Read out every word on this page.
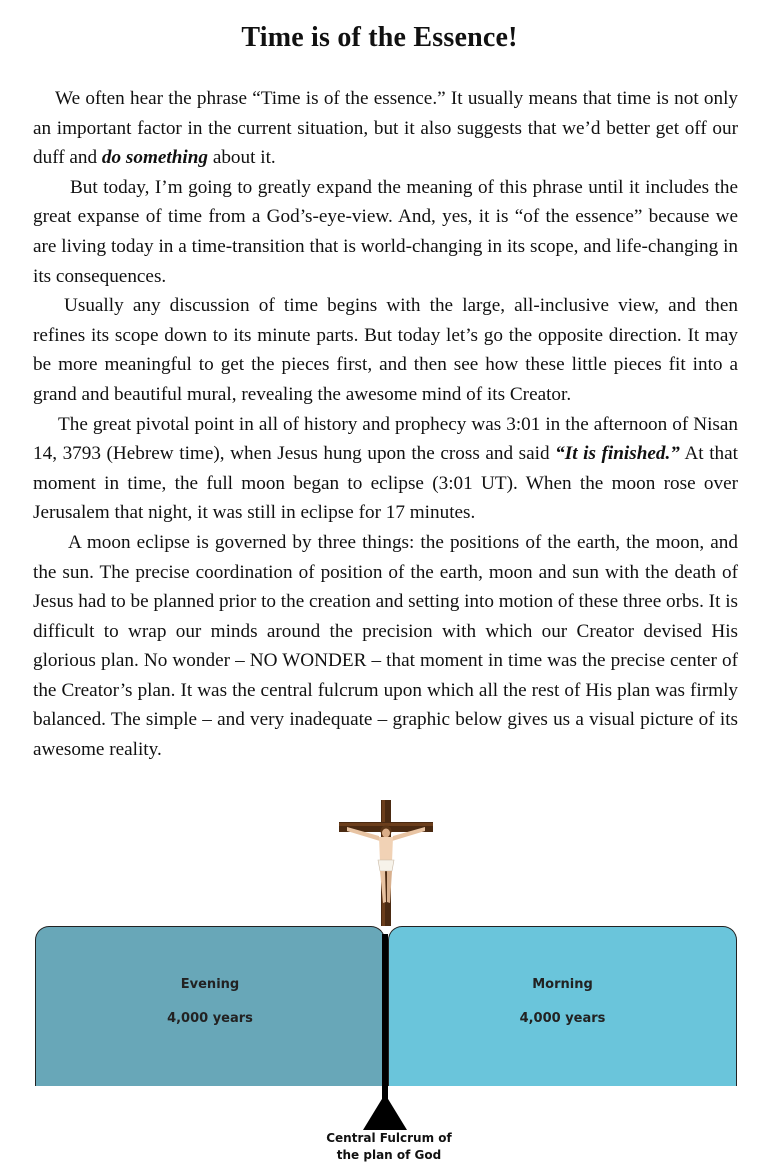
Time is of the Essence!

We often hear the phrase “Time is of the essence.” It usually means that time is not only an important factor in the current situation, but it also suggests that we’d better get off our duff and do something about it.

But today, I’m going to greatly expand the meaning of this phrase until it includes the great expanse of time from a God’s-eye-view. And, yes, it is “of the essence” because we are living today in a time-transition that is world-changing in its scope, and life-changing in its consequences.

Usually any discussion of time begins with the large, all-inclusive view, and then refines its scope down to its minute parts. But today let’s go the opposite direction. It may be more meaningful to get the pieces first, and then see how these little pieces fit into a grand and beautiful mural, revealing the awesome mind of its Creator.

The great pivotal point in all of history and prophecy was 3:01 in the afternoon of Nisan 14, 3793 (Hebrew time), when Jesus hung upon the cross and said “It is finished.” At that moment in time, the full moon began to eclipse (3:01 UT). When the moon rose over Jerusalem that night, it was still in eclipse for 17 minutes.

A moon eclipse is governed by three things: the positions of the earth, the moon, and the sun. The precise coordination of position of the earth, moon and sun with the death of Jesus had to be planned prior to the creation and setting into motion of these three orbs. It is difficult to wrap our minds around the precision with which our Creator devised His glorious plan. No wonder – NO WONDER – that moment in time was the precise center of the Creator’s plan. It was the central fulcrum upon which all the rest of His plan was firmly balanced. The simple – and very inadequate – graphic below gives us a visual picture of its awesome reality.

Evening
4,000 years
Morning
4,000 years
Central Fulcrum of
the plan of God
